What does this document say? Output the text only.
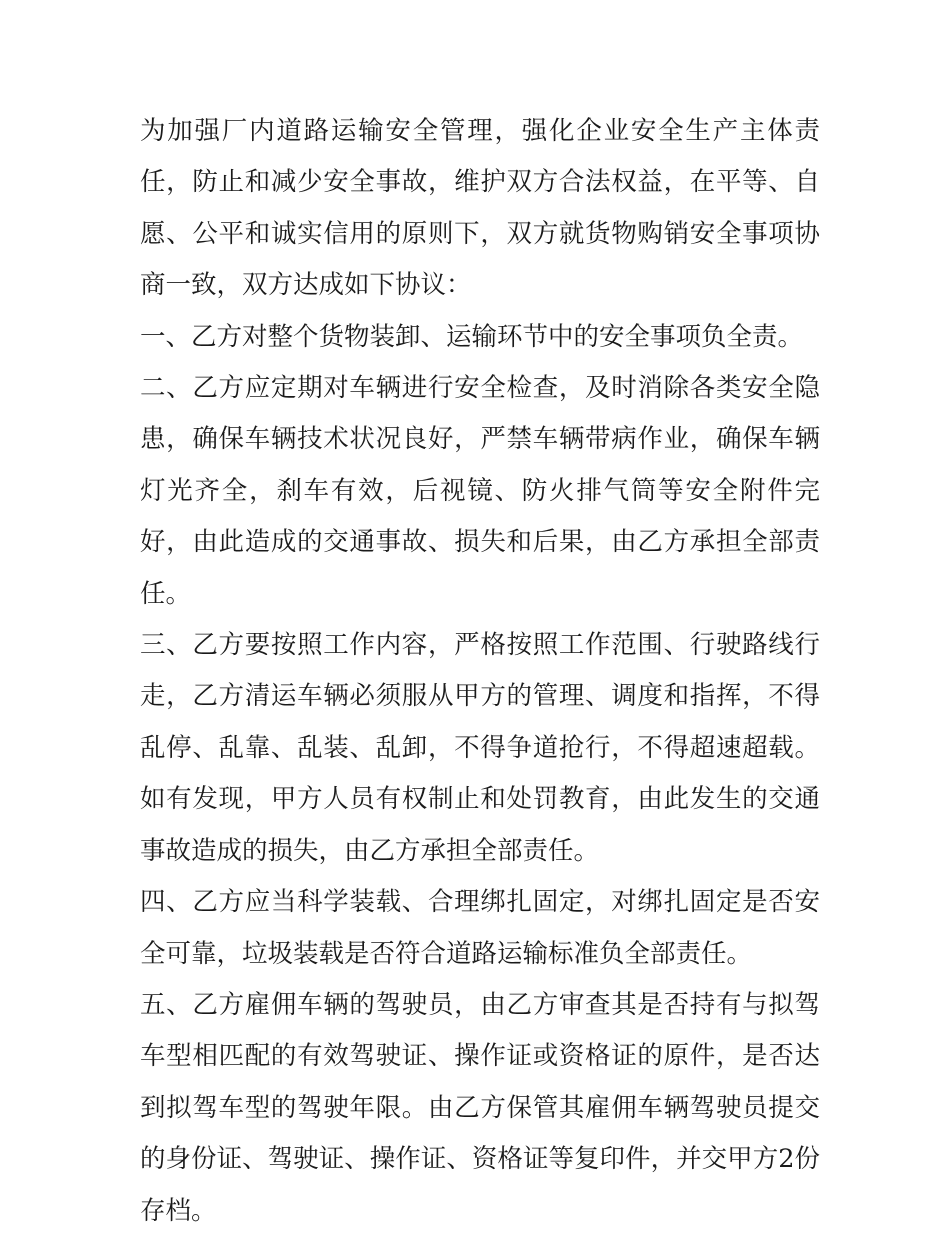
为加强厂内道路运输安全管理，强化企业安全生产主体责任，防止和减少安全事故，维护双方合法权益，在平等、自愿、公平和诚实信用的原则下，双方就货物购销安全事项协商一致，双方达成如下协议：

一、乙方对整个货物装卸、运输环节中的安全事项负全责。

二、乙方应定期对车辆进行安全检查，及时消除各类安全隐患，确保车辆技术状况良好，严禁车辆带病作业，确保车辆灯光齐全，刹车有效，后视镜、防火排气筒等安全附件完好，由此造成的交通事故、损失和后果，由乙方承担全部责任。

三、乙方要按照工作内容，严格按照工作范围、行驶路线行走，乙方清运车辆必须服从甲方的管理、调度和指挥，不得乱停、乱靠、乱装、乱卸，不得争道抢行，不得超速超载。如有发现，甲方人员有权制止和处罚教育，由此发生的交通事故造成的损失，由乙方承担全部责任。

四、乙方应当科学装载、合理绑扎固定，对绑扎固定是否安全可靠，垃圾装载是否符合道路运输标准负全部责任。

五、乙方雇佣车辆的驾驶员，由乙方审查其是否持有与拟驾车型相匹配的有效驾驶证、操作证或资格证的原件，是否达到拟驾车型的驾驶年限。由乙方保管其雇佣车辆驾驶员提交的身份证、驾驶证、操作证、资格证等复印件，并交甲方2份存档。
